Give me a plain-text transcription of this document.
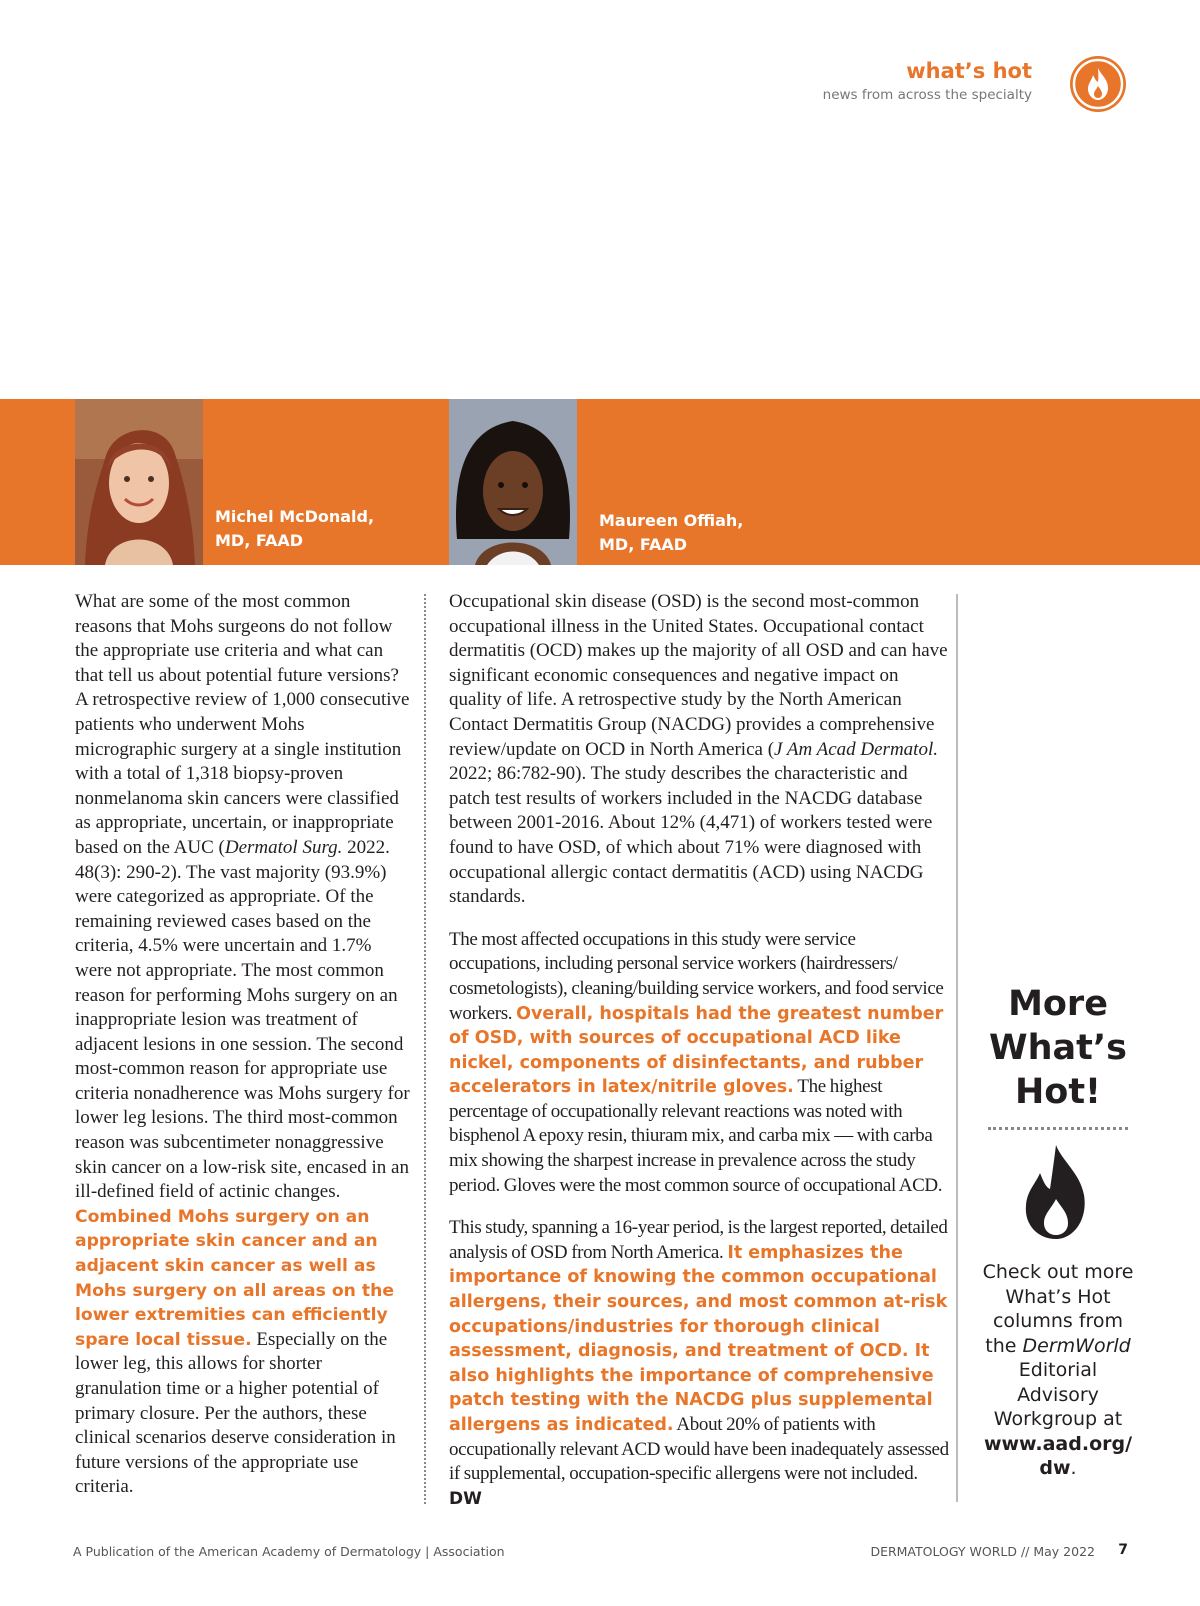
what’s hot
news from across the specialty
Michel McDonald,
MD, FAAD
Maureen Offiah,
MD, FAAD

What are some of the most common reasons that Mohs surgeons do not follow the appropriate use criteria and what can that tell us about potential future versions? A retrospective review of 1,000 consecutive patients who underwent Mohs micrographic surgery at a single institution with a total of 1,318 biopsy-proven nonmelanoma skin cancers were classified as appropriate, uncertain, or inappropriate based on the AUC (Dermatol Surg. 2022. 48(3): 290-2). The vast majority (93.9%) were categorized as appropriate. Of the remaining reviewed cases based on the criteria, 4.5% were uncertain and 1.7% were not appropriate. The most common reason for performing Mohs surgery on an inappropriate lesion was treatment of adjacent lesions in one session. The second most-common reason for appropriate use criteria nonadherence was Mohs surgery for lower leg lesions. The third most-common reason was subcentimeter nonaggressive skin cancer on a low-risk site, encased in an ill-defined field of actinic changes. Combined Mohs surgery on an appropriate skin cancer and an adjacent skin cancer as well as Mohs surgery on all areas on the lower extremities can efficiently spare local tissue. Especially on the lower leg, this allows for shorter granulation time or a higher potential of primary closure. Per the authors, these clinical scenarios deserve consideration in future versions of the appropriate use criteria.

Occupational skin disease (OSD) is the second most-common occupational illness in the United States. Occupational contact dermatitis (OCD) makes up the majority of all OSD and can have significant economic consequences and negative impact on quality of life. A retrospective study by the North American Contact Dermatitis Group (NACDG) provides a comprehensive review/update on OCD in North America (J Am Acad Dermatol. 2022; 86:782-90). The study describes the characteristic and patch test results of workers included in the NACDG database between 2001-2016. About 12% (4,471) of workers tested were found to have OSD, of which about 71% were diagnosed with occupational allergic contact dermatitis (ACD) using NACDG standards.

The most affected occupations in this study were service occupations, including personal service workers (hairdressers/ cosmetologists), cleaning/building service workers, and food service workers. Overall, hospitals had the greatest number of OSD, with sources of occupational ACD like nickel, components of disinfectants, and rubber accelerators in latex/nitrile gloves. The highest percentage of occupationally relevant reactions was noted with bisphenol A epoxy resin, thiuram mix, and carba mix — with carba mix showing the sharpest increase in prevalence across the study period. Gloves were the most common source of occupational ACD.

This study, spanning a 16-year period, is the largest reported, detailed analysis of OSD from North America. It emphasizes the importance of knowing the common occupational allergens, their sources, and most common at-risk occupations/industries for thorough clinical assessment, diagnosis, and treatment of OCD. It also highlights the importance of comprehensive patch testing with the NACDG plus supplemental allergens as indicated. About 20% of patients with occupationally relevant ACD would have been inadequately assessed if supplemental, occupation-specific allergens were not included. DW

More
What’s
Hot!
Check out more What’s Hot columns from the DermWorld Editorial Advisory Workgroup at www.aad.org/ dw.
A Publication of the American Academy of Dermatology | Association	DERMATOLOGY WORLD // May 2022 7
